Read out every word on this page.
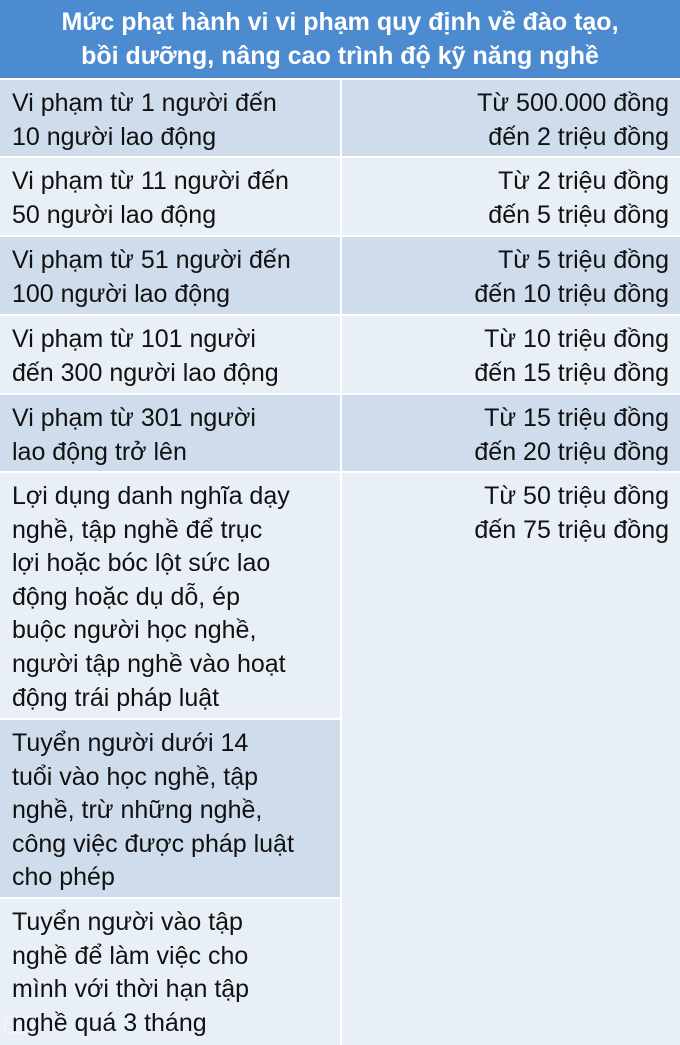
Mức phạt hành vi vi phạm quy định về đào tạo,
bồi dưỡng, nâng cao trình độ kỹ năng nghề
Vi phạm từ 1 người đến
10 người lao động
Từ 500.000 đồng
đến 2 triệu đồng
Vi phạm từ 11 người đến
50 người lao động
Từ 2 triệu đồng
đến 5 triệu đồng
Vi phạm từ 51 người đến
100 người lao động
Từ 5 triệu đồng
đến 10 triệu đồng
Vi phạm từ 101 người
đến 300 người lao động
Từ 10 triệu đồng
đến 15 triệu đồng
Vi phạm từ 301 người
lao động trở lên
Từ 15 triệu đồng
đến 20 triệu đồng
Lợi dụng danh nghĩa dạy
nghề, tập nghề để trục
lợi hoặc bóc lột sức lao
động hoặc dụ dỗ, ép
buộc người học nghề,
người tập nghề vào hoạt
động trái pháp luật
Từ 50 triệu đồng
đến 75 triệu đồng
Tuyển người dưới 14
tuổi vào học nghề, tập
nghề, trừ những nghề,
công việc được pháp luật
cho phép
Tuyển người vào tập
nghề để làm việc cho
mình với thời hạn tập
nghề quá 3 tháng
